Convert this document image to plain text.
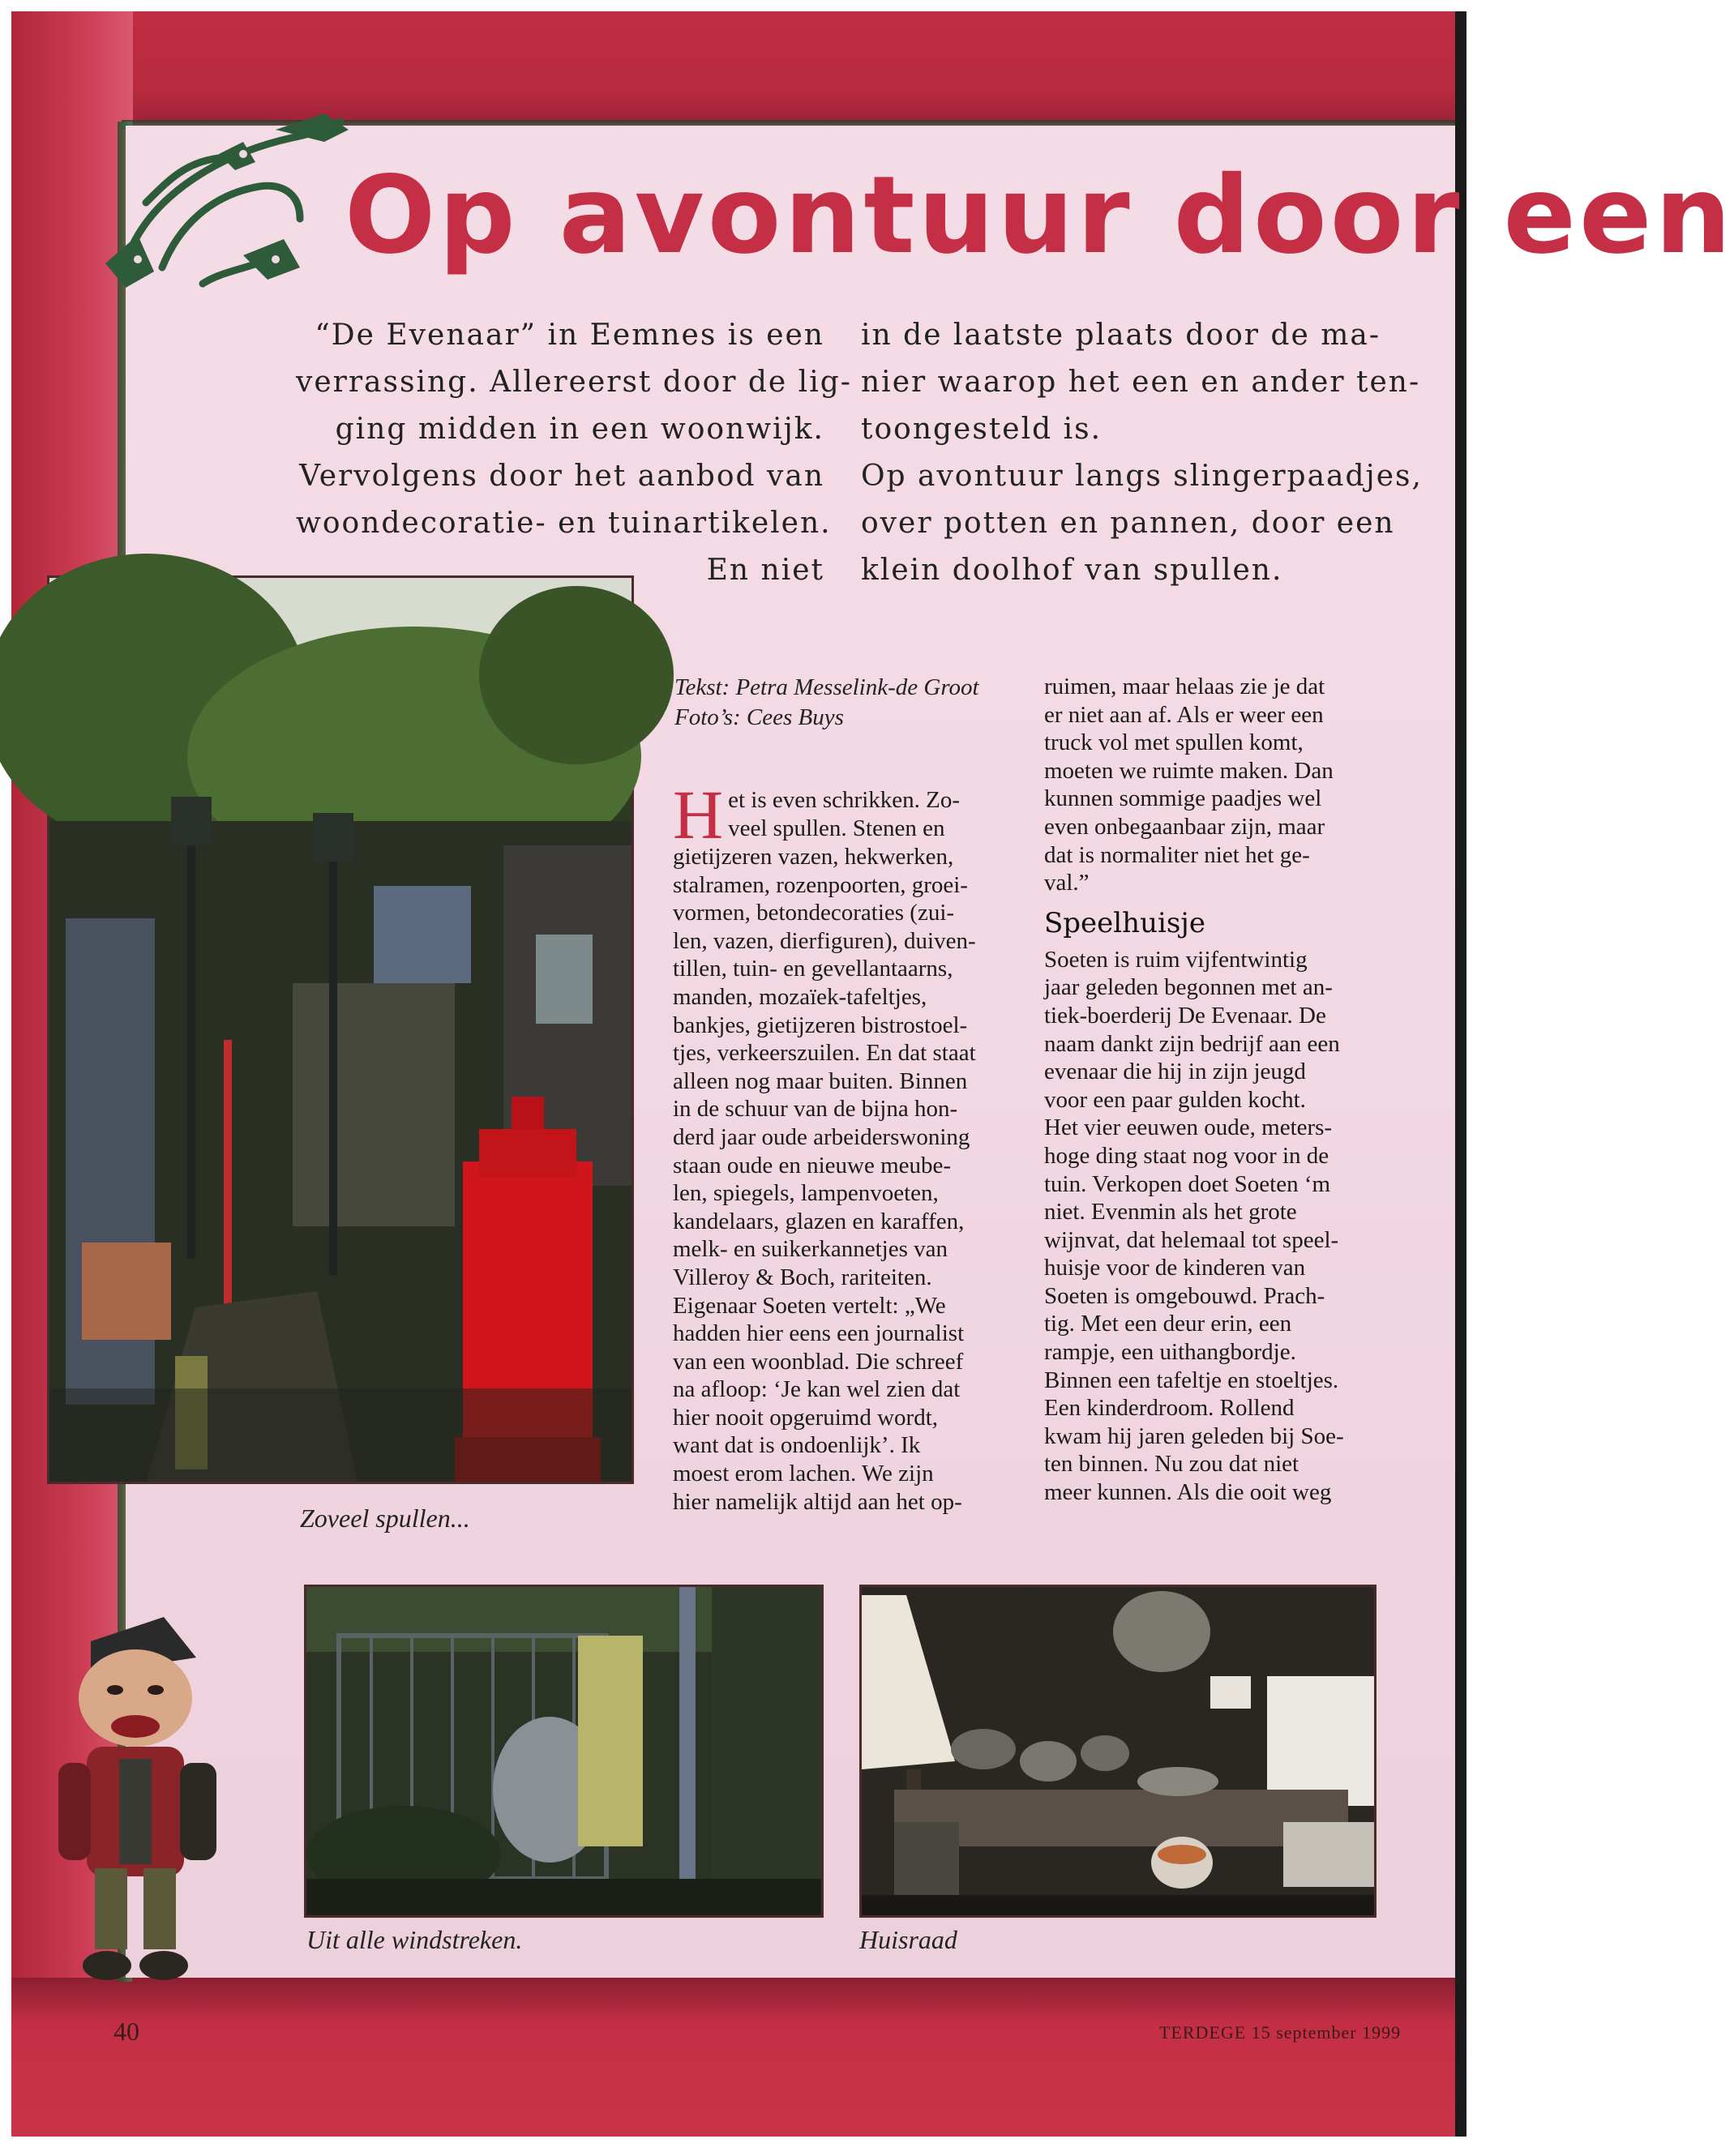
Op avontuur door een

“De Evenaar” in Eemnes is een

verrassing. Allereerst door de lig-

ging midden in een woonwijk.

Vervolgens door het aanbod van

woondecoratie- en tuinartikelen.

En niet

in de laatste plaats door de ma-

nier waarop het een en ander ten-

toongesteld is.

Op avontuur langs slingerpaadjes,

over potten en pannen, door een

klein doolhof van spullen.

Zoveel spullen...
Tekst: Petra Messelink-de Groot
Foto’s: Cees Buys
H et is even schrikken. Zo-
veel spullen. Stenen en
gietijzeren vazen, hekwerken,
stalramen, rozenpoorten, groei-
vormen, betondecoraties (zui-
len, vazen, dierfiguren), duiven-
tillen, tuin- en gevellantaarns,
manden, mozaïek-tafeltjes,
bankjes, gietijzeren bistrostoel-
tjes, verkeerszuilen. En dat staat
alleen nog maar buiten. Binnen
in de schuur van de bijna hon-
derd jaar oude arbeiderswoning
staan oude en nieuwe meube-
len, spiegels, lampenvoeten,
kandelaars, glazen en karaffen,
melk- en suikerkannetjes van
Villeroy & Boch, rariteiten.
Eigenaar Soeten vertelt: „We
hadden hier eens een journalist
van een woonblad. Die schreef
na afloop: ‘Je kan wel zien dat
hier nooit opgeruimd wordt,
want dat is ondoenlijk’. Ik
moest erom lachen. We zijn
hier namelijk altijd aan het op-
ruimen, maar helaas zie je dat
er niet aan af. Als er weer een
truck vol met spullen komt,
moeten we ruimte maken. Dan
kunnen sommige paadjes wel
even onbegaanbaar zijn, maar
dat is normaliter niet het ge-
val.”
Speelhuisje
Soeten is ruim vijfentwintig
jaar geleden begonnen met an-
tiek-boerderij De Evenaar. De
naam dankt zijn bedrijf aan een
evenaar die hij in zijn jeugd
voor een paar gulden kocht.
Het vier eeuwen oude, meters-
hoge ding staat nog voor in de
tuin. Verkopen doet Soeten ‘m
niet. Evenmin als het grote
wijnvat, dat helemaal tot speel-
huisje voor de kinderen van
Soeten is omgebouwd. Prach-
tig. Met een deur erin, een
rampje, een uithangbordje.
Binnen een tafeltje en stoeltjes.
Een kinderdroom. Rollend
kwam hij jaren geleden bij Soe-
ten binnen. Nu zou dat niet
meer kunnen. Als die ooit weg
Uit alle windstreken.	Huisraad
40	TERDEGE 15 september 1999
